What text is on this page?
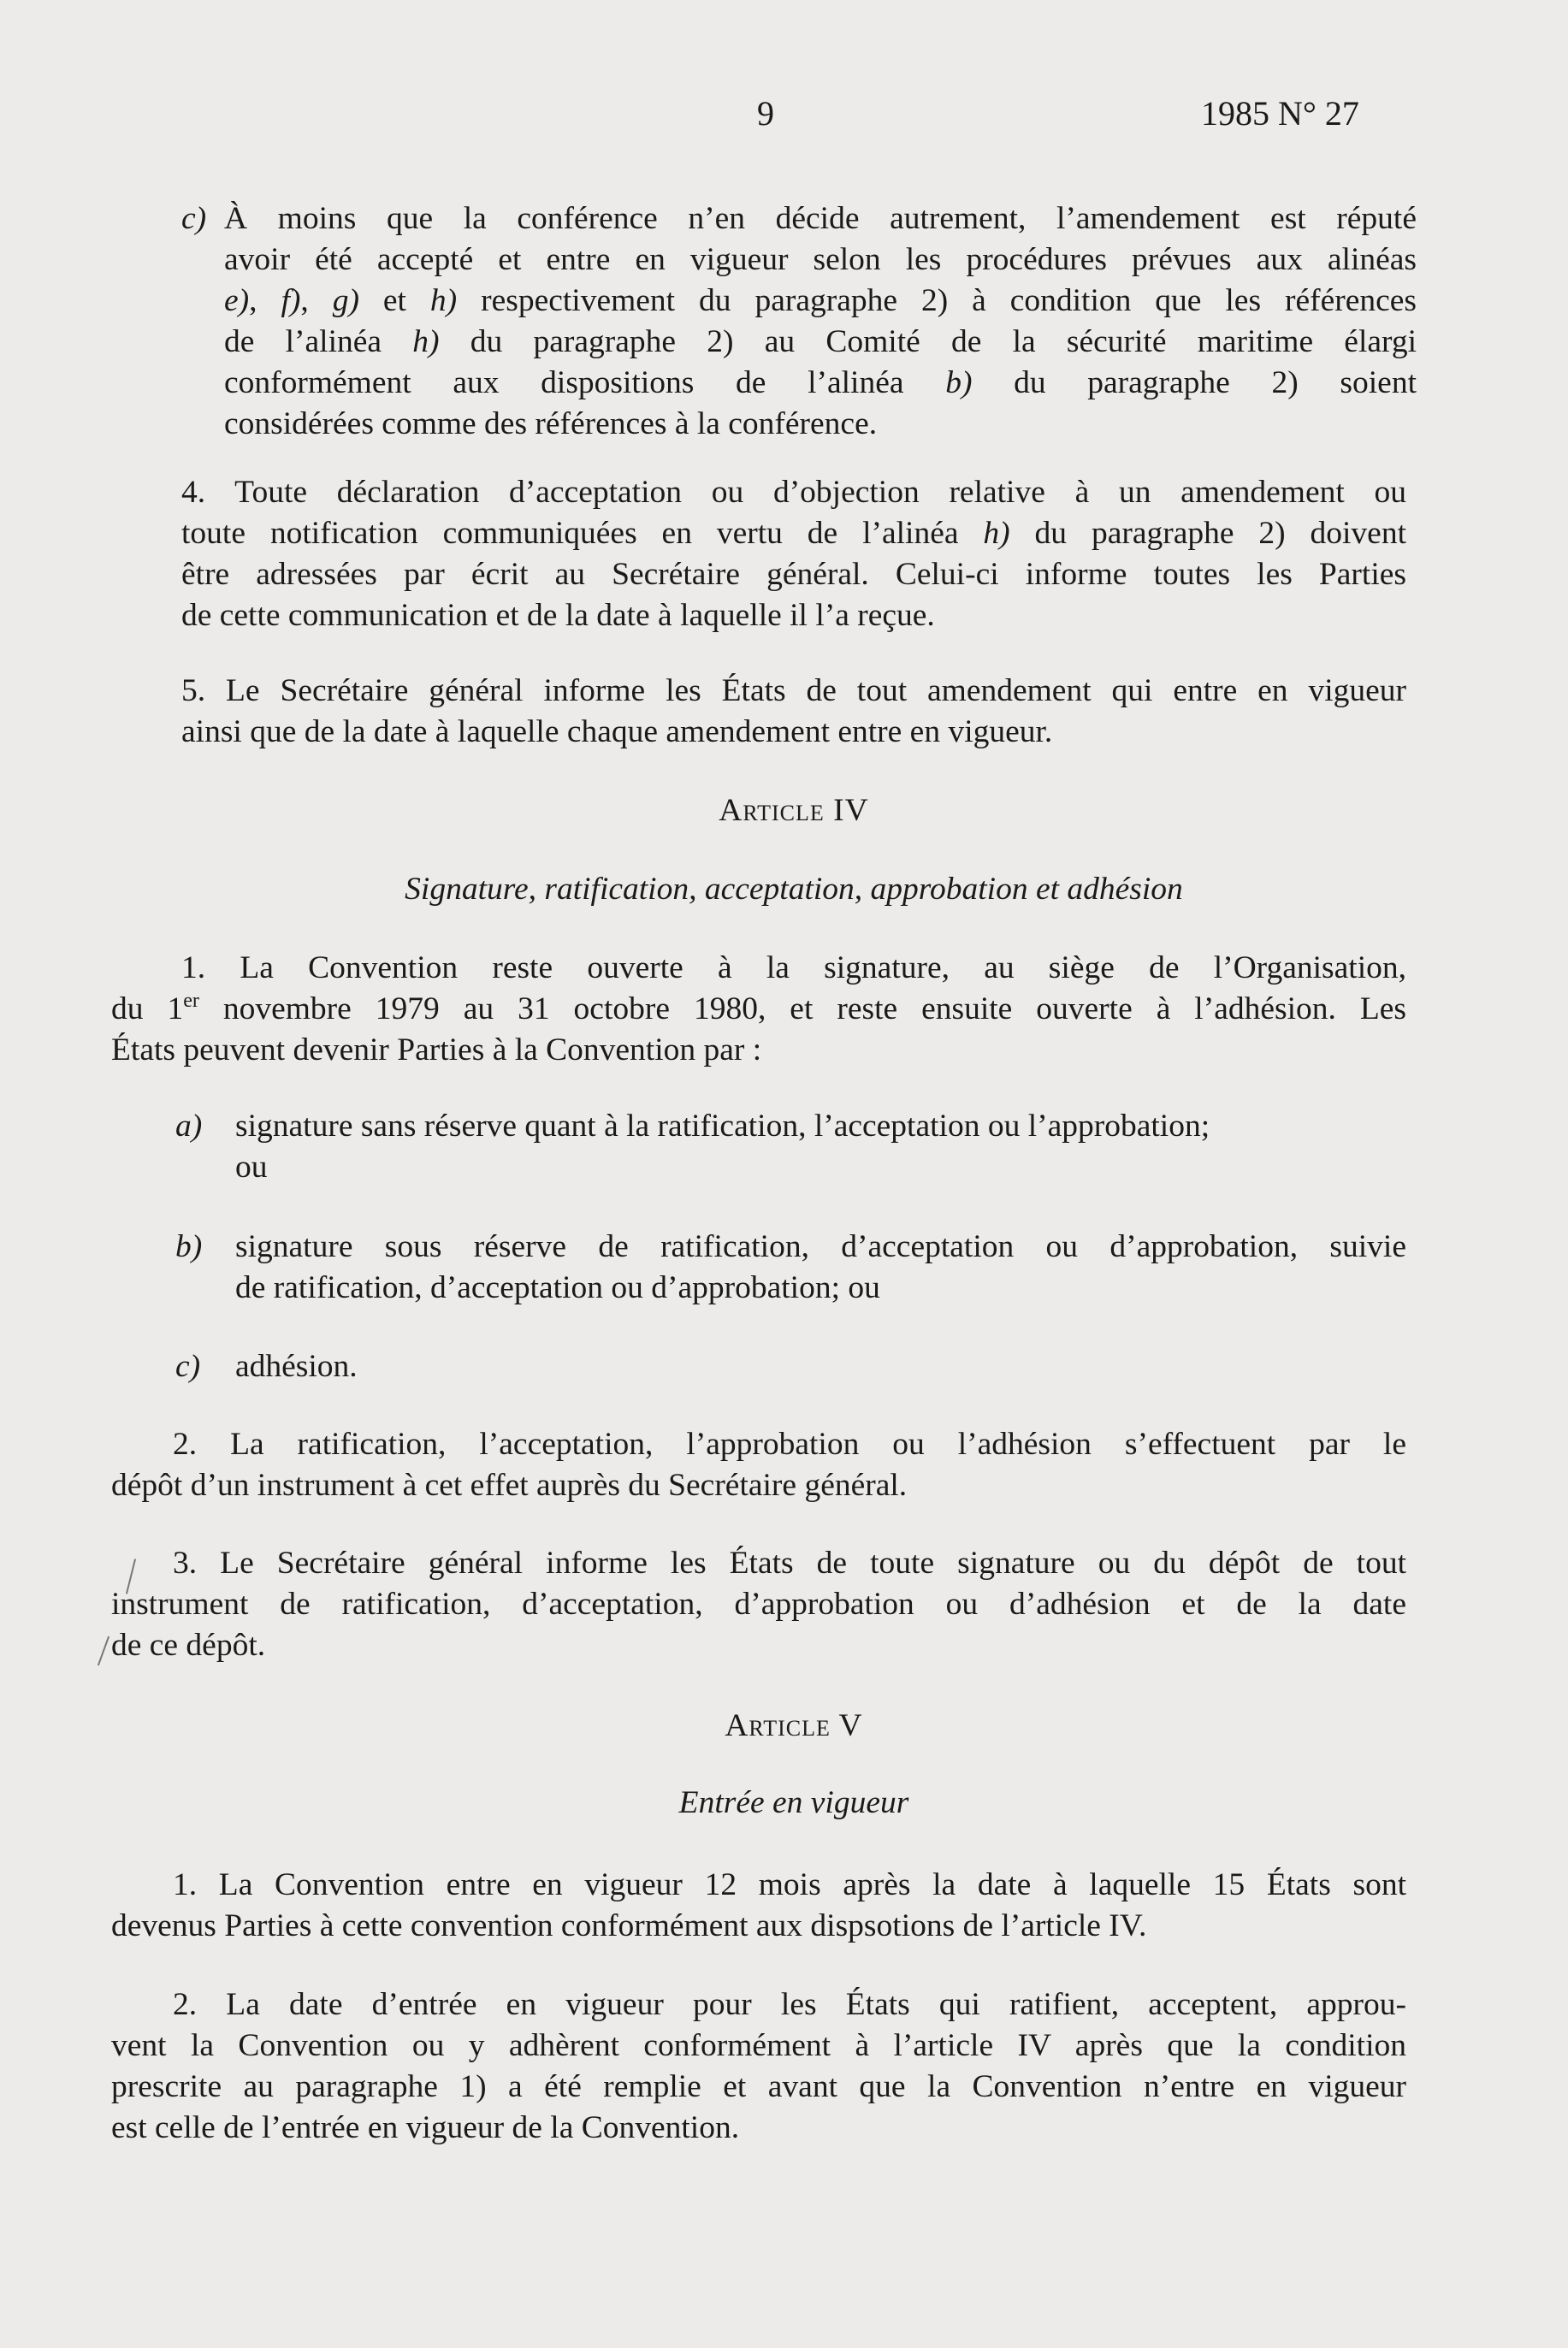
9	1985 N° 27
c) À moins que la conférence n’en décide autrement, l’amendement est réputé
avoir été accepté et entre en vigueur selon les procédures prévues aux alinéas
e), f), g) et h) respectivement du paragraphe 2) à condition que les références
de l’alinéa h) du paragraphe 2) au Comité de la sécurité maritime élargi
conformément aux dispositions de l’alinéa b) du paragraphe 2) soient
considérées comme des références à la conférence.
4. Toute déclaration d’acceptation ou d’objection relative à un amendement ou
toute notification communiquées en vertu de l’alinéa h) du paragraphe 2) doivent
être adressées par écrit au Secrétaire général. Celui-ci informe toutes les Parties
de cette communication et de la date à laquelle il l’a reçue.
5. Le Secrétaire général informe les États de tout amendement qui entre en vigueur
ainsi que de la date à laquelle chaque amendement entre en vigueur.
Article IV
Signature, ratification, acceptation, approbation et adhésion
1. La Convention reste ouverte à la signature, au siège de l’Organisation,
du 1er novembre 1979 au 31 octobre 1980, et reste ensuite ouverte à l’adhésion. Les
États peuvent devenir Parties à la Convention par :
a) signature sans réserve quant à la ratification, l’acceptation ou l’approbation;
ou
b) signature sous réserve de ratification, d’acceptation ou d’approbation, suivie
de ratification, d’acceptation ou d’approbation; ou
c) adhésion.
2. La ratification, l’acceptation, l’approbation ou l’adhésion s’effectuent par le
dépôt d’un instrument à cet effet auprès du Secrétaire général.
3. Le Secrétaire général informe les États de toute signature ou du dépôt de tout
instrument de ratification, d’acceptation, d’approbation ou d’adhésion et de la date
de ce dépôt.
Article V
Entrée en vigueur
1. La Convention entre en vigueur 12 mois après la date à laquelle 15 États sont
devenus Parties à cette convention conformément aux dispsotions de l’article IV.
2. La date d’entrée en vigueur pour les États qui ratifient, acceptent, approu-
vent la Convention ou y adhèrent conformément à l’article IV après que la condition
prescrite au paragraphe 1) a été remplie et avant que la Convention n’entre en vigueur
est celle de l’entrée en vigueur de la Convention.
